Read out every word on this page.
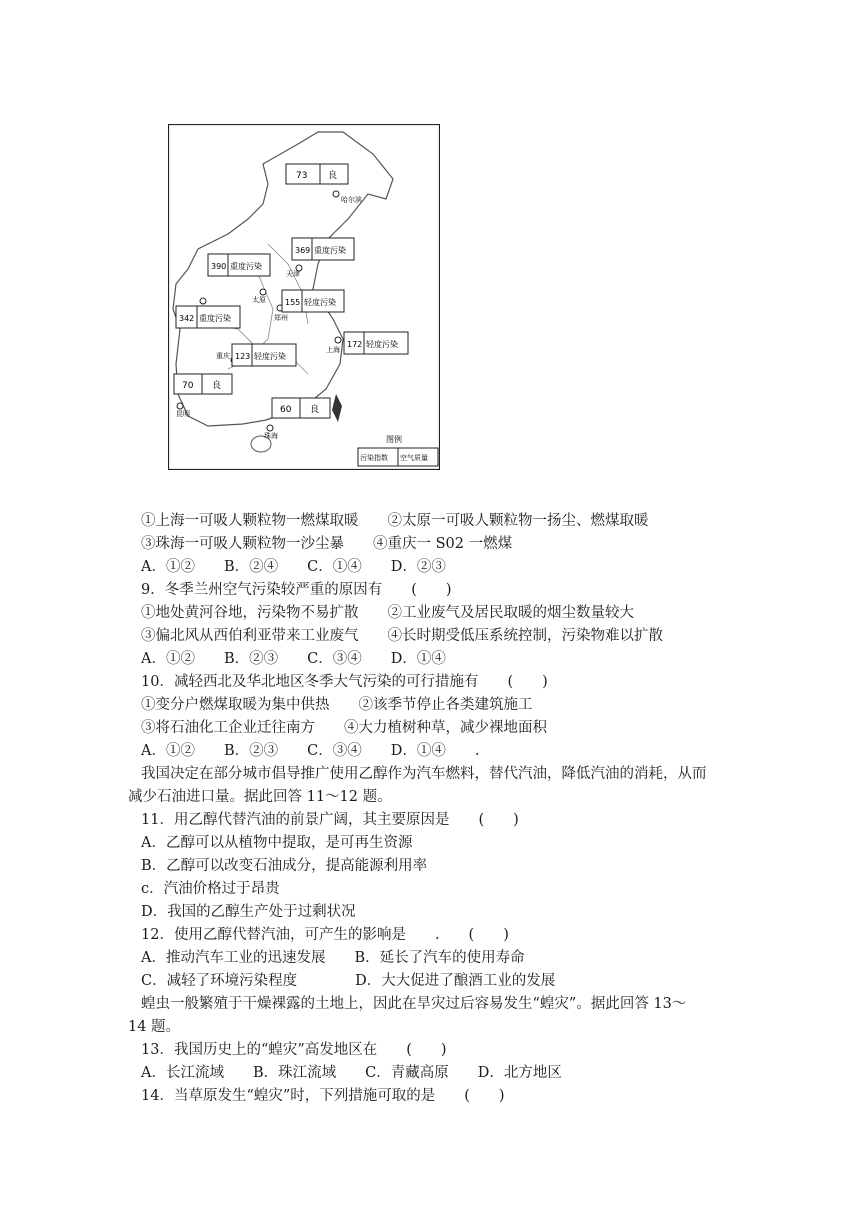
哈尔滨
天津
太原
郑州
上海
重庆
昆明
珠海
73 良
369 重度污染
390 重度污染
155 轻度污染
342 重度污染
172 轻度污染
123 轻度污染
70 良
60 良
图例
污染指数 空气质量
①上海一可吸人颗粒物一燃煤取暖　　②太原一可吸人颗粒物一扬尘、燃煤取暖
③珠海一可吸人颗粒物一沙尘暴　　④重庆一 S02 一燃煤
A．①②　　B．②④　　C．①④　　D．②③
9．冬季兰州空气污染较严重的原因有　　(　　)
①地处黄河谷地，污染物不易扩散　　②工业废气及居民取暖的烟尘数量较大
③偏北风从西伯利亚带来工业废气　　④长时期受低压系统控制，污染物难以扩散
A．①②　　B．②③　　C．③④　　D．①④
10．减轻西北及华北地区冬季大气污染的可行措施有　　(　　)
①变分户燃煤取暖为集中供热　　②该季节停止各类建筑施工
③将石油化工企业迁往南方　　④大力植树种草，减少裸地面积
A．①②　　B．②③　　C．③④　　D．①④　　.
我国决定在部分城市倡导推广使用乙醇作为汽车燃料，替代汽油，降低汽油的消耗，从而
减少石油进口量。据此回答 11～12 题。
11．用乙醇代替汽油的前景广阔，其主要原因是　　(　　)
A．乙醇可以从植物中提取，是可再生资源
B．乙醇可以改变石油成分，提高能源利用率
c．汽油价格过于昂贵
D．我国的乙醇生产处于过剩状况
12．使用乙醇代替汽油，可产生的影响是　　.　　(　　)
A．推动汽车工业的迅速发展　　B．延长了汽车的使用寿命
C．减轻了环境污染程度　　　　D．大大促进了酿酒工业的发展
蝗虫一般繁殖于干燥裸露的土地上，因此在旱灾过后容易发生“蝗灾”。据此回答 13～
14 题。
13．我国历史上的“蝗灾”高发地区在　　(　　)
A．长江流域　　B．珠江流域　　C．青藏高原　　D．北方地区
14．当草原发生“蝗灾”时，下列措施可取的是　　(　　)
